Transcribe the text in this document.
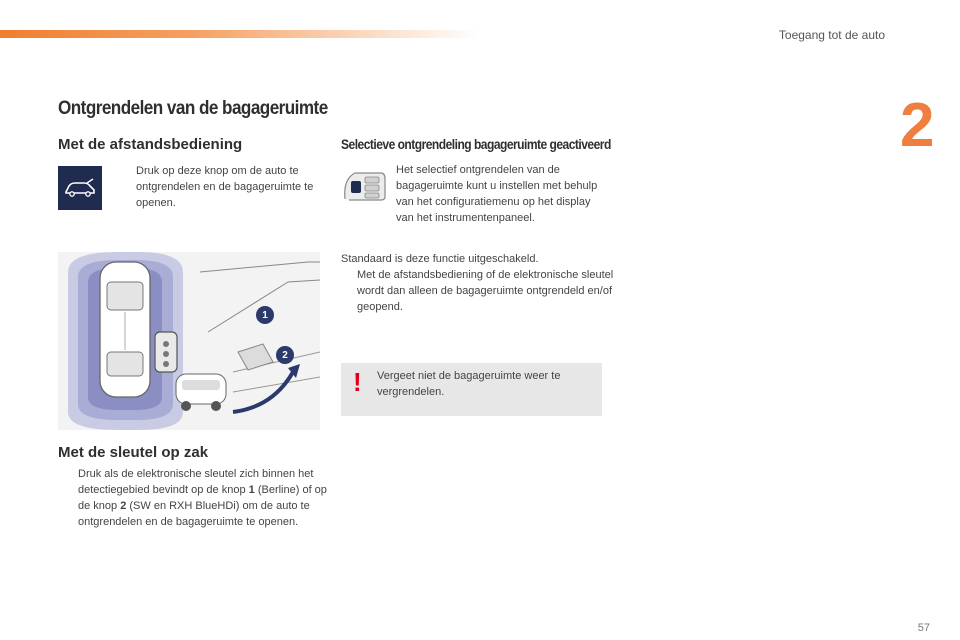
Toegang tot de auto
2
Ontgrendelen van de bagageruimte
Met de afstandsbediening
Druk op deze knop om de auto te ontgrendelen en de bagageruimte te openen.
1
2
Met de sleutel op zak
Druk als de elektronische sleutel zich binnen het detectiegebied bevindt op de knop 1 (Berline) of op de knop 2 (SW en RXH BlueHDi) om de auto te ontgrendelen en de bagageruimte te openen.
Selectieve ontgrendeling bagageruimte geactiveerd
Het selectief ontgrendelen van de bagageruimte kunt u instellen met behulp van het configuratiemenu op het display van het instrumentenpaneel.
Standaard is deze functie uitgeschakeld.
Met de afstandsbediening of de elektronische sleutel wordt dan alleen de bagageruimte ontgrendeld en/of geopend.
! Vergeet niet de bagageruimte weer te vergrendelen.
57
